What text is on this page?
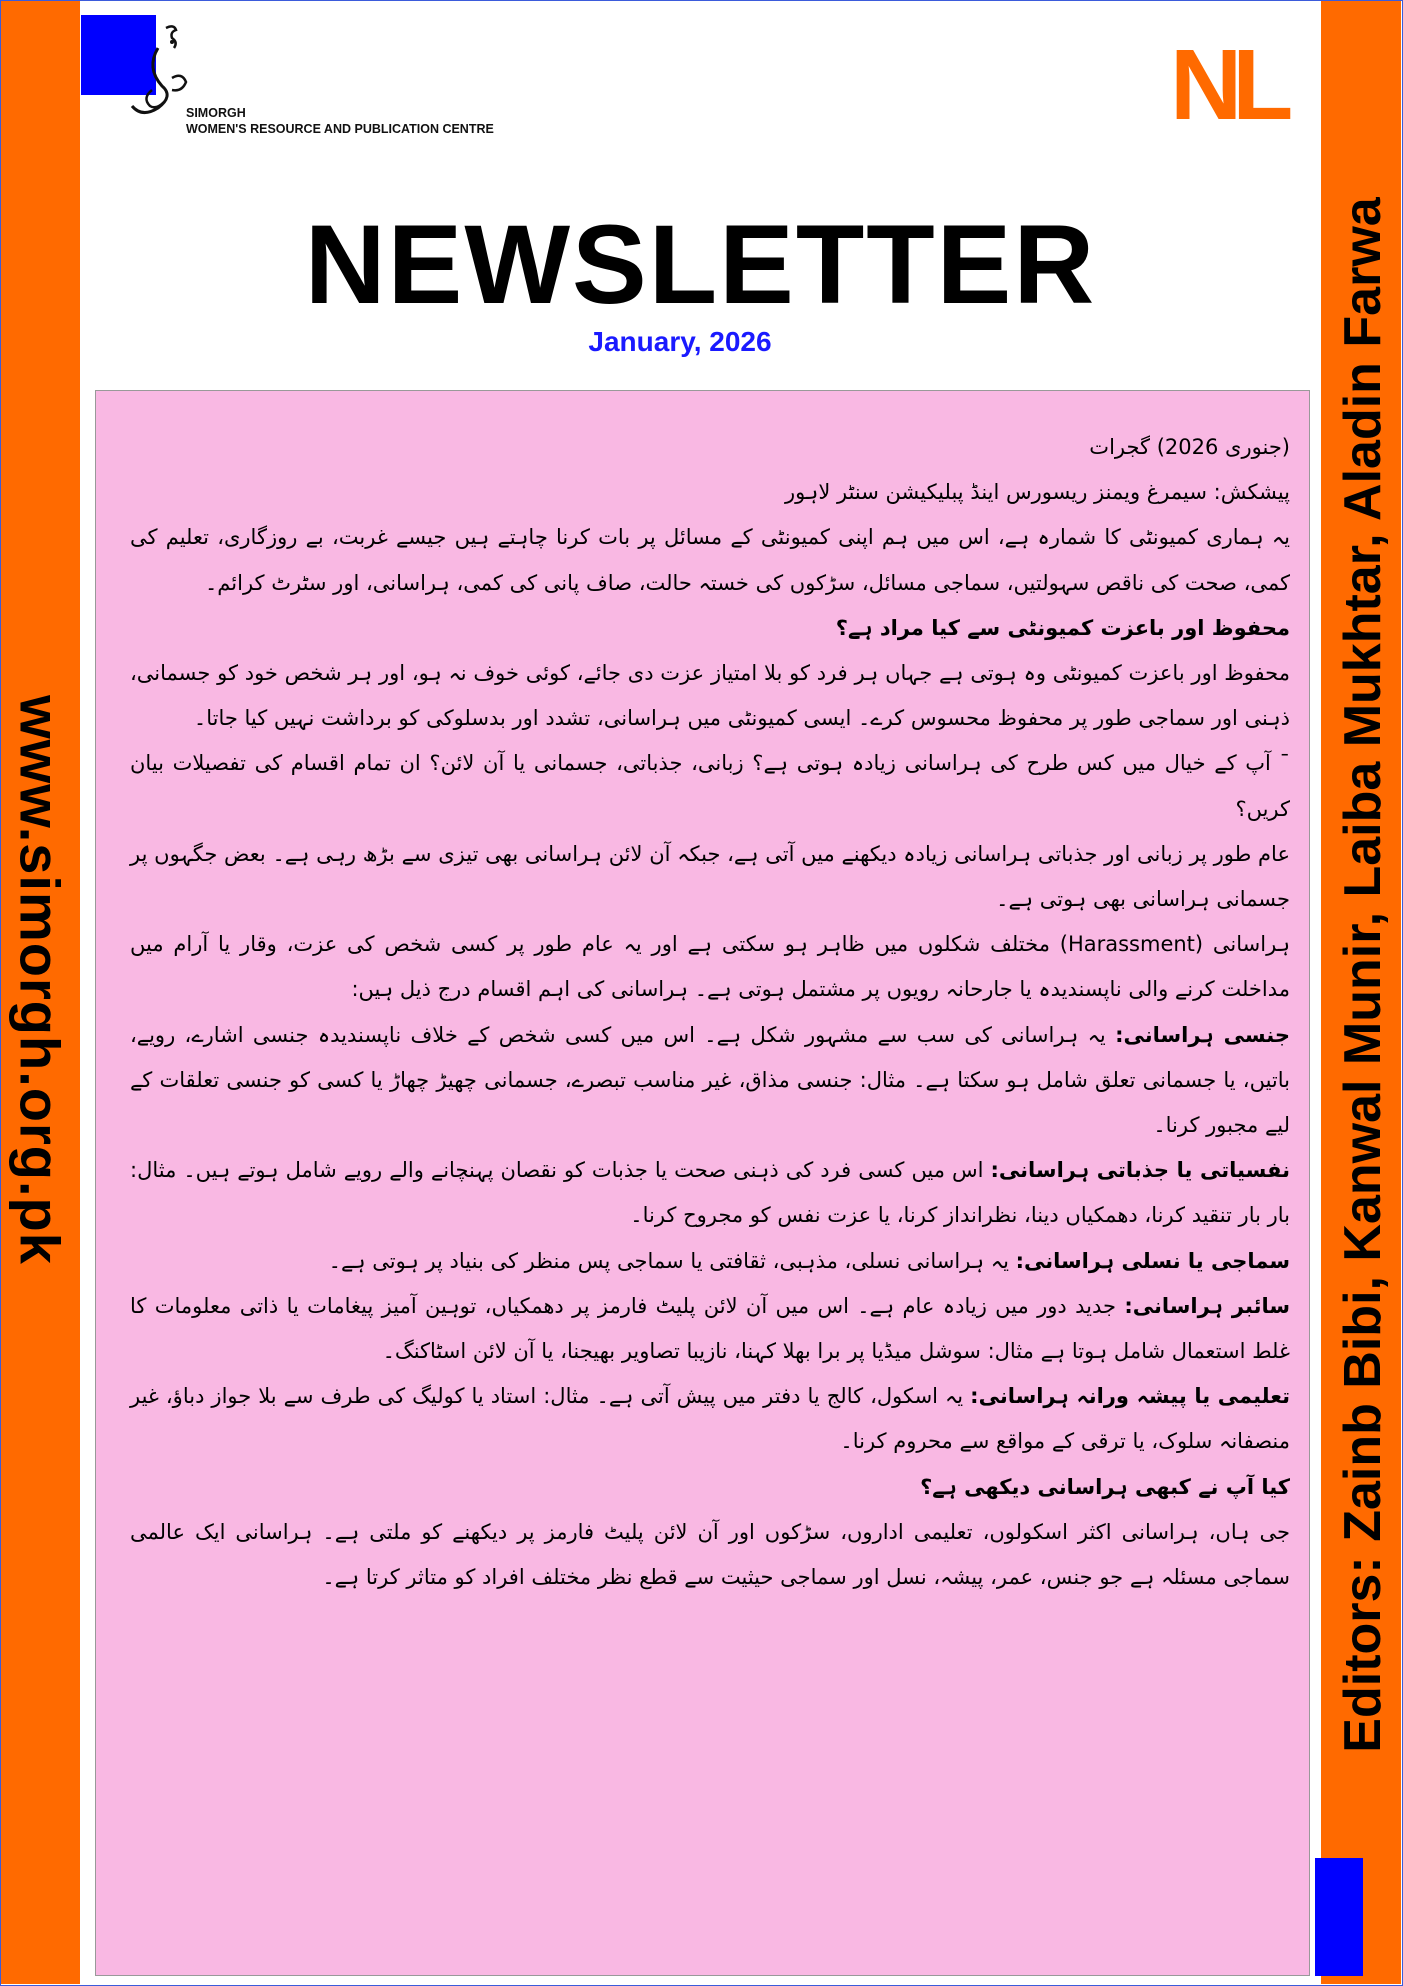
www.simorgh.org.pk	Editors: Zainb Bibi, Kanwal Munir, Laiba Mukhtar, Aladin Farwa
SIMORGH
WOMEN'S RESOURCE AND PUBLICATION CENTRE	NL
NEWSLETTER
January, 2026

(جنوری 2026) گجرات

پیشکش: سیمرغ ویمنز ریسورس اینڈ پبلیکیشن سنٹر لاہور

یہ ہماری کمیونٹی کا شمارہ ہے، اس میں ہم اپنی کمیونٹی کے مسائل پر بات کرنا چاہتے ہیں جیسے غربت، بے روزگاری، تعلیم کی کمی، صحت کی ناقص سہولتیں، سماجی مسائل، سڑکوں کی خستہ حالت، صاف پانی کی کمی، ہراسانی، اور سٹرٹ کرائم۔

محفوظ اور باعزت کمیونٹی سے کیا مراد ہے؟

محفوظ اور باعزت کمیونٹی وہ ہوتی ہے جہاں ہر فرد کو بلا امتیاز عزت دی جائے، کوئی خوف نہ ہو، اور ہر شخص خود کو جسمانی، ذہنی اور سماجی طور پر محفوظ محسوس کرے۔ ایسی کمیونٹی میں ہراسانی، تشدد اور بدسلوکی کو برداشت نہیں کیا جاتا۔

¯ آپ کے خیال میں کس طرح کی ہراسانی زیادہ ہوتی ہے؟ زبانی، جذباتی، جسمانی یا آن لائن؟ ان تمام اقسام کی تفصیلات بیان کریں؟

عام طور پر زبانی اور جذباتی ہراسانی زیادہ دیکھنے میں آتی ہے، جبکہ آن لائن ہراسانی بھی تیزی سے بڑھ رہی ہے۔ بعض جگہوں پر جسمانی ہراسانی بھی ہوتی ہے۔

ہراسانی (Harassment) مختلف شکلوں میں ظاہر ہو سکتی ہے اور یہ عام طور پر کسی شخص کی عزت، وقار یا آرام میں مداخلت کرنے والی ناپسندیدہ یا جارحانہ رویوں پر مشتمل ہوتی ہے۔ ہراسانی کی اہم اقسام درج ذیل ہیں:

جنسی ہراسانی: یہ ہراسانی کی سب سے مشہور شکل ہے۔ اس میں کسی شخص کے خلاف ناپسندیدہ جنسی اشارے، رویے، باتیں، یا جسمانی تعلق شامل ہو سکتا ہے۔ مثال: جنسی مذاق، غیر مناسب تبصرے، جسمانی چھیڑ چھاڑ یا کسی کو جنسی تعلقات کے لیے مجبور کرنا۔

نفسیاتی یا جذباتی ہراسانی: اس میں کسی فرد کی ذہنی صحت یا جذبات کو نقصان پہنچانے والے رویے شامل ہوتے ہیں۔ مثال: بار بار تنقید کرنا، دھمکیاں دینا، نظرانداز کرنا، یا عزت نفس کو مجروح کرنا۔

سماجی یا نسلی ہراسانی: یہ ہراسانی نسلی، مذہبی، ثقافتی یا سماجی پس منظر کی بنیاد پر ہوتی ہے۔

سائبر ہراسانی: جدید دور میں زیادہ عام ہے۔ اس میں آن لائن پلیٹ فارمز پر دھمکیاں، توہین آمیز پیغامات یا ذاتی معلومات کا غلط استعمال شامل ہوتا ہے مثال: سوشل میڈیا پر برا بھلا کہنا، نازیبا تصاویر بھیجنا، یا آن لائن اسٹاکنگ۔

تعلیمی یا پیشہ ورانہ ہراسانی: یہ اسکول، کالج یا دفتر میں پیش آتی ہے۔ مثال: استاد یا کولیگ کی طرف سے بلا جواز دباؤ، غیر منصفانہ سلوک، یا ترقی کے مواقع سے محروم کرنا۔

کیا آپ نے کبھی ہراسانی دیکھی ہے؟

جی ہاں، ہراسانی اکثر اسکولوں، تعلیمی اداروں، سڑکوں اور آن لائن پلیٹ فارمز پر دیکھنے کو ملتی ہے۔ ہراسانی ایک عالمی سماجی مسئلہ ہے جو جنس، عمر، پیشہ، نسل اور سماجی حیثیت سے قطع نظر مختلف افراد کو متاثر کرتا ہے۔
